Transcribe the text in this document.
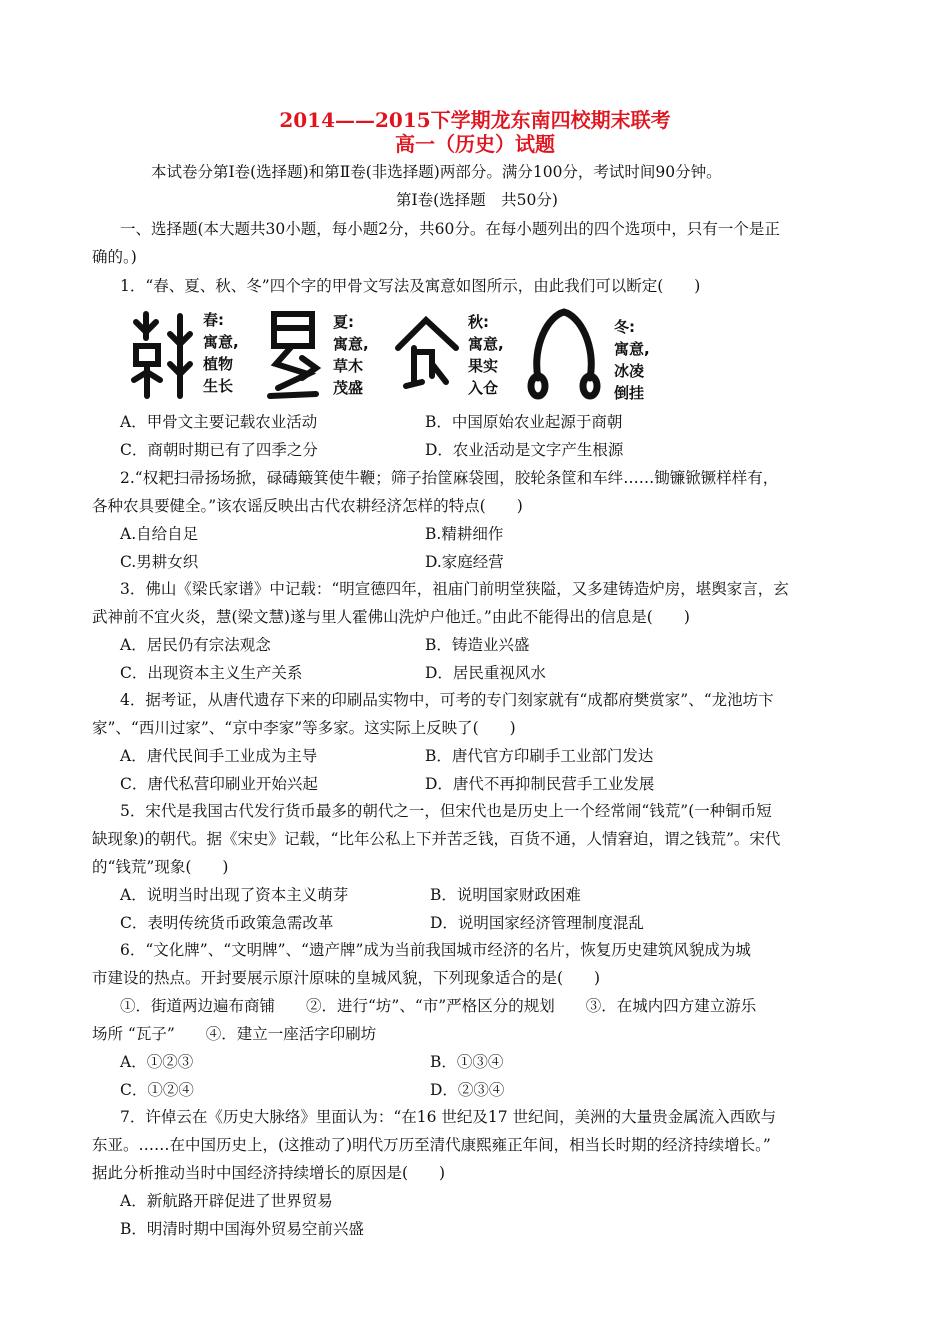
2014——2015下学期龙东南四校期末联考
高一（历史）试题
本试卷分第Ⅰ卷(选择题)和第Ⅱ卷(非选择题)两部分。满分100分，考试时间90分钟。
第Ⅰ卷(选择题　共50分)
一、选择题(本大题共30小题，每小题2分，共60分。在每小题列出的四个选项中，只有一个是正
确的。)
1．“春、夏、秋、冬”四个字的甲骨文写法及寓意如图所示，由此我们可以断定(　　)
春:
寓意,
植物
生长
夏:
寓意,
草木
茂盛
秋:
寓意,
果实
入仓
冬:
寓意,
冰凌
倒挂
A．甲骨文主要记载农业活动	B．中国原始农业起源于商朝
C．商朝时期已有了四季之分	D．农业活动是文字产生根源
2.“权耙扫帚扬场掀，碌碡簸箕使牛鞭；筛子抬筐麻袋囤，胶轮条筐和车绊……锄镰锨镢样样有，
各种农具要健全。”该农谣反映出古代农耕经济怎样的特点(　　)
A.自给自足	B.精耕细作
C.男耕女织	D.家庭经营
3．佛山《梁氏家谱》中记载：“明宣德四年，祖庙门前明堂狭隘，又多建铸造炉房，堪舆家言，玄
武神前不宜火炎，慧(梁文慧)遂与里人霍佛山洗炉户他迁。”由此不能得出的信息是(　　)
A．居民仍有宗法观念	B．铸造业兴盛
C．出现资本主义生产关系	D．居民重视风水
4．据考证，从唐代遗存下来的印刷品实物中，可考的专门刻家就有“成都府樊赏家”、“龙池坊卞
家”、“西川过家”、“京中李家”等多家。这实际上反映了(　　)
A．唐代民间手工业成为主导	B．唐代官方印刷手工业部门发达
C．唐代私营印刷业开始兴起	D．唐代不再抑制民营手工业发展
5．宋代是我国古代发行货币最多的朝代之一，但宋代也是历史上一个经常闹“钱荒”(一种铜币短
缺现象)的朝代。据《宋史》记载，“比年公私上下并苦乏钱，百货不通，人情窘迫，谓之钱荒”。宋代
的“钱荒”现象(　　)
A．说明当时出现了资本主义萌芽	B．说明国家财政困难
C．表明传统货币政策急需改革	D．说明国家经济管理制度混乱
6．“文化牌”、“文明牌”、“遗产牌”成为当前我国城市经济的名片，恢复历史建筑风貌成为城
市建设的热点。开封要展示原汁原味的皇城风貌，下列现象适合的是(　　)
①．街道两边遍布商铺　　②．进行“坊”、“市”严格区分的规划　　③．在城内四方建立游乐
场所 “瓦子”　　④．建立一座活字印刷坊
A．①②③	B．①③④
C．①②④	D．②③④
7．许倬云在《历史大脉络》里面认为：“在16 世纪及17 世纪间，美洲的大量贵金属流入西欧与
东亚。……在中国历史上，(这推动了)明代万历至清代康熙雍正年间，相当长时期的经济持续增长。”
据此分析推动当时中国经济持续增长的原因是(　　)
A．新航路开辟促进了世界贸易
B．明清时期中国海外贸易空前兴盛
